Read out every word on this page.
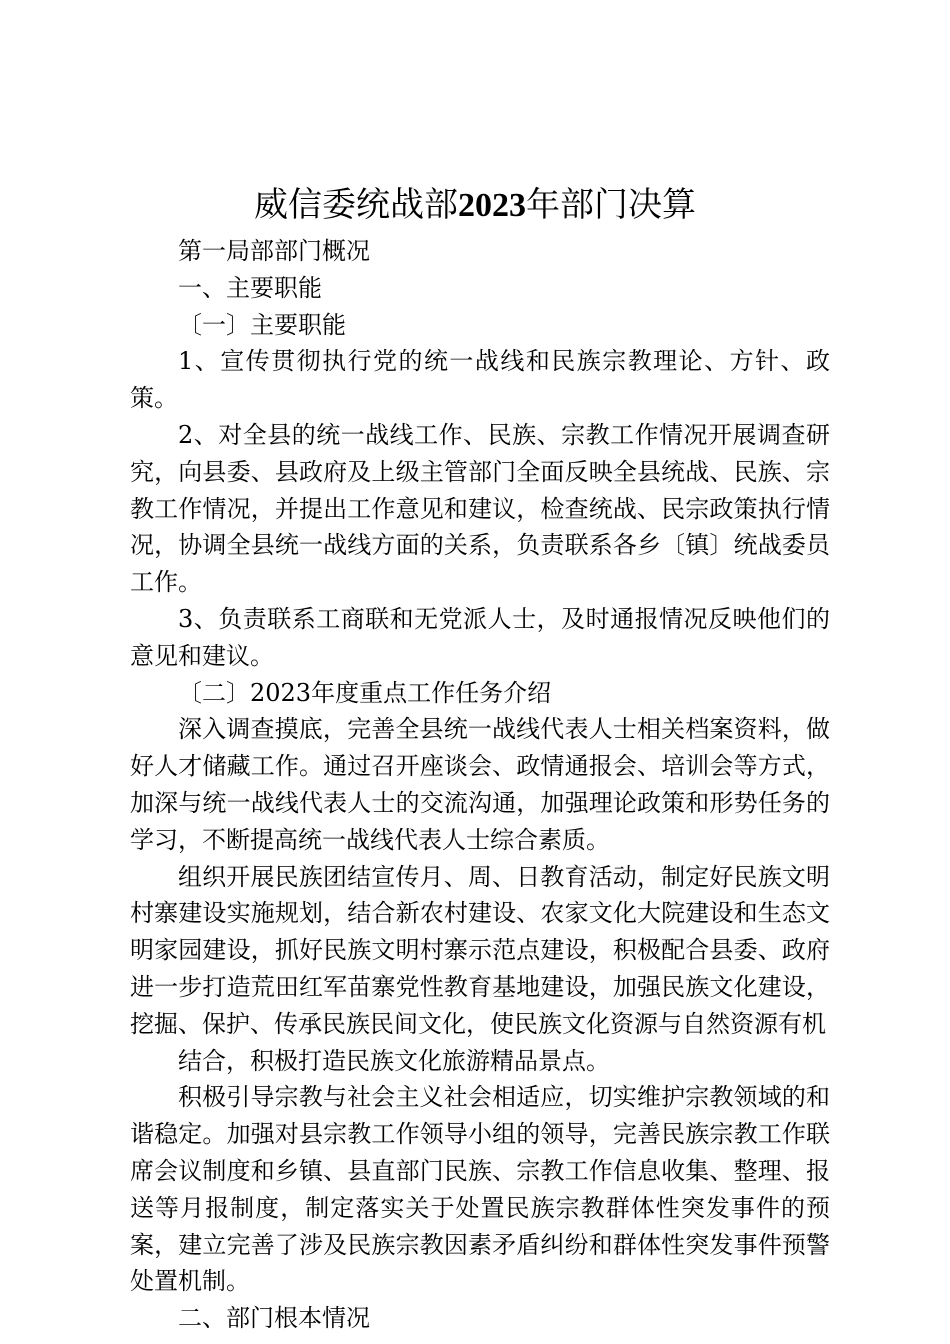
威信委统战部2023年部门决算

第一局部部门概况

一、主要职能

〔一〕主要职能

1、宣传贯彻执行党的统一战线和民族宗教理论、方针、政策。

2、对全县的统一战线工作、民族、宗教工作情况开展调查研究，向县委、县政府及上级主管部门全面反映全县统战、民族、宗教工作情况，并提出工作意见和建议，检查统战、民宗政策执行情况，协调全县统一战线方面的关系，负责联系各乡〔镇〕统战委员工作。

3、负责联系工商联和无党派人士，及时通报情况反映他们的意见和建议。

〔二〕2023年度重点工作任务介绍

深入调查摸底，完善全县统一战线代表人士相关档案资料，做好人才储藏工作。通过召开座谈会、政情通报会、培训会等方式，加深与统一战线代表人士的交流沟通，加强理论政策和形势任务的学习，不断提高统一战线代表人士综合素质。

组织开展民族团结宣传月、周、日教育活动，制定好民族文明村寨建设实施规划，结合新农村建设、农家文化大院建设和生态文明家园建设，抓好民族文明村寨示范点建设，积极配合县委、政府进一步打造荒田红军苗寨党性教育基地建设，加强民族文化建设，挖掘、保护、传承民族民间文化，使民族文化资源与自然资源有机

结合，积极打造民族文化旅游精品景点。

积极引导宗教与社会主义社会相适应，切实维护宗教领域的和谐稳定。加强对县宗教工作领导小组的领导，完善民族宗教工作联席会议制度和乡镇、县直部门民族、宗教工作信息收集、整理、报送等月报制度，制定落实关于处置民族宗教群体性突发事件的预案，建立完善了涉及民族宗教因素矛盾纠纷和群体性突发事件预警处置机制。

二、部门根本情况
